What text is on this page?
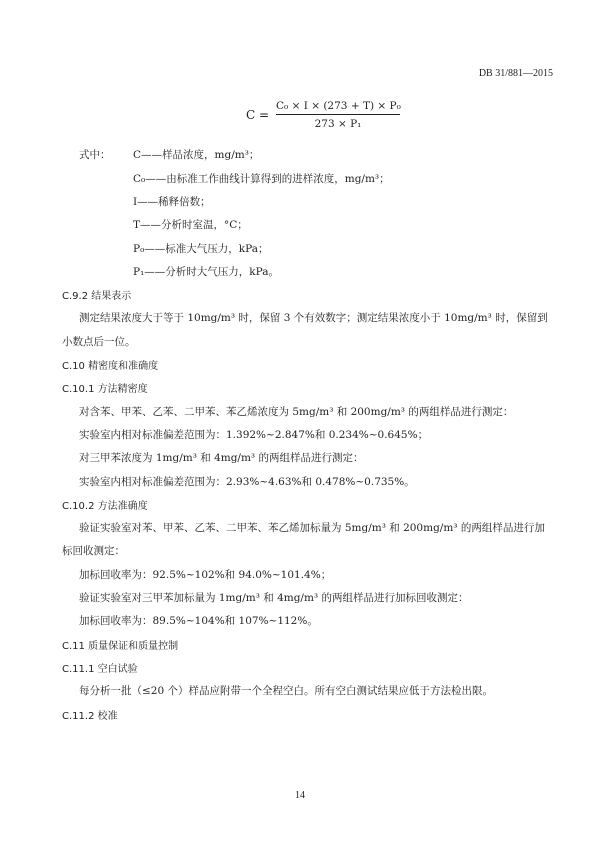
DB 31/881—2015
C =
C₀ × I × (273 + T) × P₀
273 × P₁
式中： C——样品浓度，mg/m³；
C₀——由标准工作曲线计算得到的进样浓度，mg/m³；
I——稀释倍数；
T——分析时室温，°C；
P₀——标准大气压力，kPa；
P₁——分析时大气压力，kPa。
C.9.2 结果表示
测定结果浓度大于等于 10mg/m³ 时，保留 3 个有效数字；测定结果浓度小于 10mg/m³ 时，保留到
小数点后一位。
C.10 精密度和准确度
C.10.1 方法精密度
对含苯、甲苯、乙苯、二甲苯、苯乙烯浓度为 5mg/m³ 和 200mg/m³ 的两组样品进行测定：
实验室内相对标准偏差范围为：1.392%~2.847%和 0.234%~0.645%；
对三甲苯浓度为 1mg/m³ 和 4mg/m³ 的两组样品进行测定：
实验室内相对标准偏差范围为：2.93%~4.63%和 0.478%~0.735%。
C.10.2 方法准确度
验证实验室对苯、甲苯、乙苯、二甲苯、苯乙烯加标量为 5mg/m³ 和 200mg/m³ 的两组样品进行加
标回收测定：
加标回收率为：92.5%~102%和 94.0%~101.4%；
验证实验室对三甲苯加标量为 1mg/m³ 和 4mg/m³ 的两组样品进行加标回收测定：
加标回收率为：89.5%~104%和 107%~112%。
C.11 质量保证和质量控制
C.11.1 空白试验
每分析一批（≤20 个）样品应附带一个全程空白。所有空白测试结果应低于方法检出限。
C.11.2 校准
14
